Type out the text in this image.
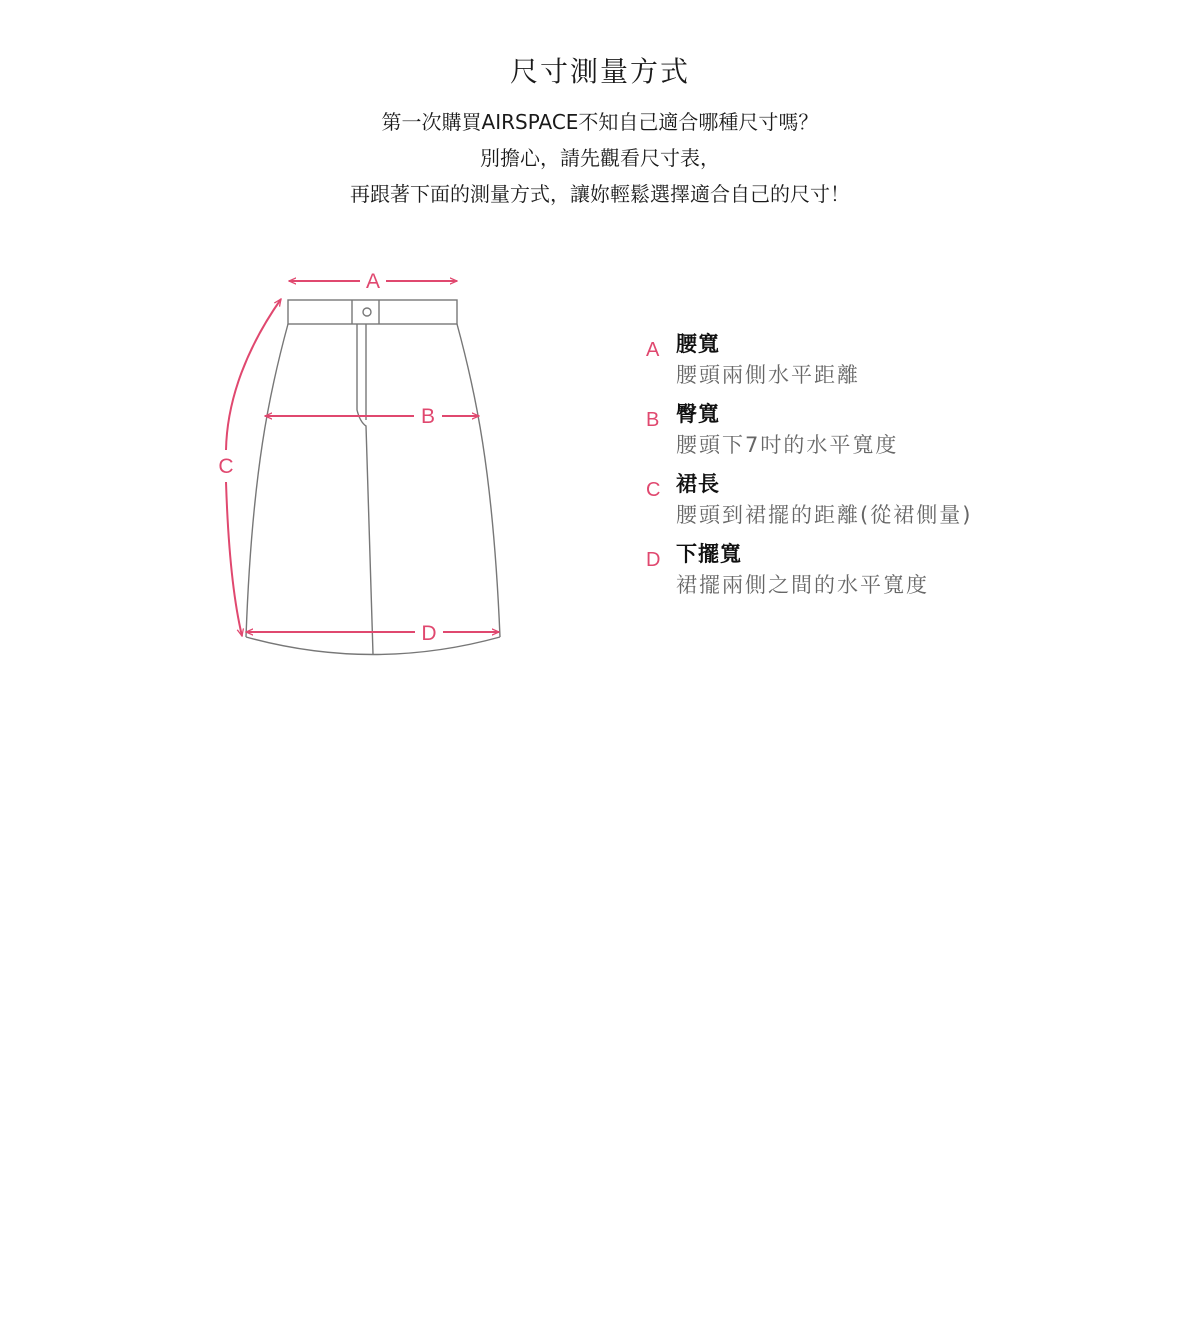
尺寸測量方式
第一次購買AIRSPACE不知自己適合哪種尺寸嗎？
別擔心，請先觀看尺寸表，
再跟著下面的測量方式，讓妳輕鬆選擇適合自己的尺寸！
A
B
C
D
A 腰寬
腰頭兩側水平距離
B 臀寬
腰頭下7吋的水平寬度
C 裙長
腰頭到裙擺的距離(從裙側量)
D 下擺寬
裙擺兩側之間的水平寬度
